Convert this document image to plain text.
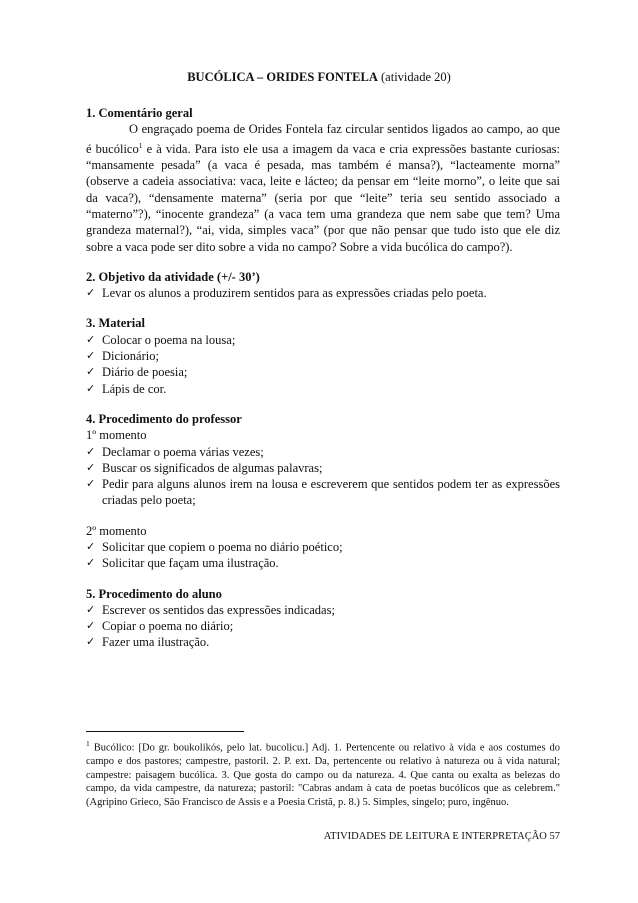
BUCÓLICA – ORIDES FONTELA (atividade 20)
1. Comentário geral
O engraçado poema de Orides Fontela faz circular sentidos ligados ao campo, ao que é bucólico$^1$ e à vida. Para isto ele usa a imagem da vaca e cria expressões bastante curiosas: “mansamente pesada” (a vaca é pesada, mas também é mansa?), “lacteamente morna” (observe a cadeia associativa: vaca, leite e lácteo; da pensar em “leite morno”, o leite que sai da vaca?), “densamente materna” (seria por que “leite” teria seu sentido associado a “materno”?), “inocente grandeza” (a vaca tem uma grandeza que nem sabe que tem? Uma grandeza maternal?), “ai, vida, simples vaca” (por que não pensar que tudo isto que ele diz sobre a vaca pode ser dito sobre a vida no campo? Sobre a vida bucólica do campo?).
2. Objetivo da atividade (+/- 30’)
✓ Levar os alunos a produzirem sentidos para as expressões criadas pelo poeta.
3. Material
✓ Colocar o poema na lousa;
✓ Dicionário;
✓ Diário de poesia;
✓ Lápis de cor.
4. Procedimento do professor
1º momento
✓ Declamar o poema várias vezes;
✓ Buscar os significados de algumas palavras;
✓ Pedir para alguns alunos irem na lousa e escreverem que sentidos podem ter as expressões criadas pelo poeta;
2º momento
✓ Solicitar que copiem o poema no diário poético;
✓ Solicitar que façam uma ilustração.
5. Procedimento do aluno
✓ Escrever os sentidos das expressões indicadas;
✓ Copiar o poema no diário;
✓ Fazer uma ilustração.
$^1$ Bucólico: [Do gr. boukolikós, pelo lat. bucolicu.] Adj. 1. Pertencente ou relativo à vida e aos costumes do campo e dos pastores; campestre, pastoril. 2. P. ext. Da, pertencente ou relativo à natureza ou à vida natural; campestre: paisagem bucólica. 3. Que gosta do campo ou da natureza. 4. Que canta ou exalta as belezas do campo, da vida campestre, da natureza; pastoril: "Cabras andam à cata de poetas bucólicos que as celebrem." (Agripino Grieco, São Francisco de Assis e a Poesia Cristã, p. 8.) 5. Simples, singelo; puro, ingênuo.
ATIVIDADES DE LEITURA E INTERPRETAÇÃO 57
